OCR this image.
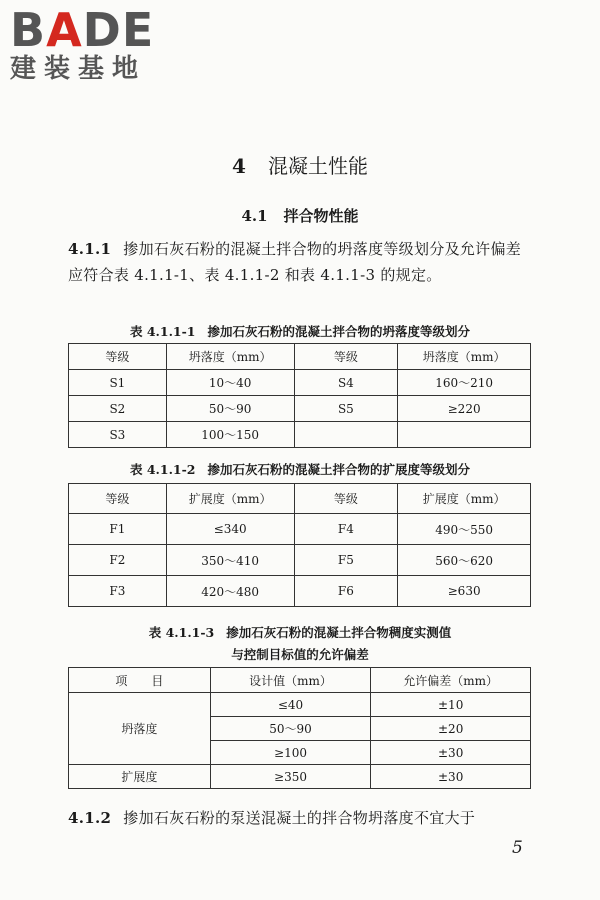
BADE
建装基地
4 混凝土性能
4.1 拌合物性能
4.1.1 掺加石灰石粉的混凝土拌合物的坍落度等级划分及允许偏差应符合表 4.1.1-1、表 4.1.1-2 和表 4.1.1-3 的规定。
表 4.1.1-1 掺加石灰石粉的混凝土拌合物的坍落度等级划分
等级	坍落度（mm）	等级	坍落度（mm）
S1	10～40	S4	160～210
S2	50～90	S5	≥220
S3	100～150		
表 4.1.1-2 掺加石灰石粉的混凝土拌合物的扩展度等级划分
等级	扩展度（mm）	等级	扩展度（mm）
F1	≤340	F4	490～550
F2	350～410	F5	560～620
F3	420～480	F6	≥630
表 4.1.1-3 掺加石灰石粉的混凝土拌合物稠度实测值
与控制目标值的允许偏差
项　　目	设计值（mm）	允许偏差（mm）
坍落度	≤40	±10
	50～90	±20
	≥100	±30
扩展度	≥350	±30
4.1.2 掺加石灰石粉的泵送混凝土的拌合物坍落度不宜大于
5
